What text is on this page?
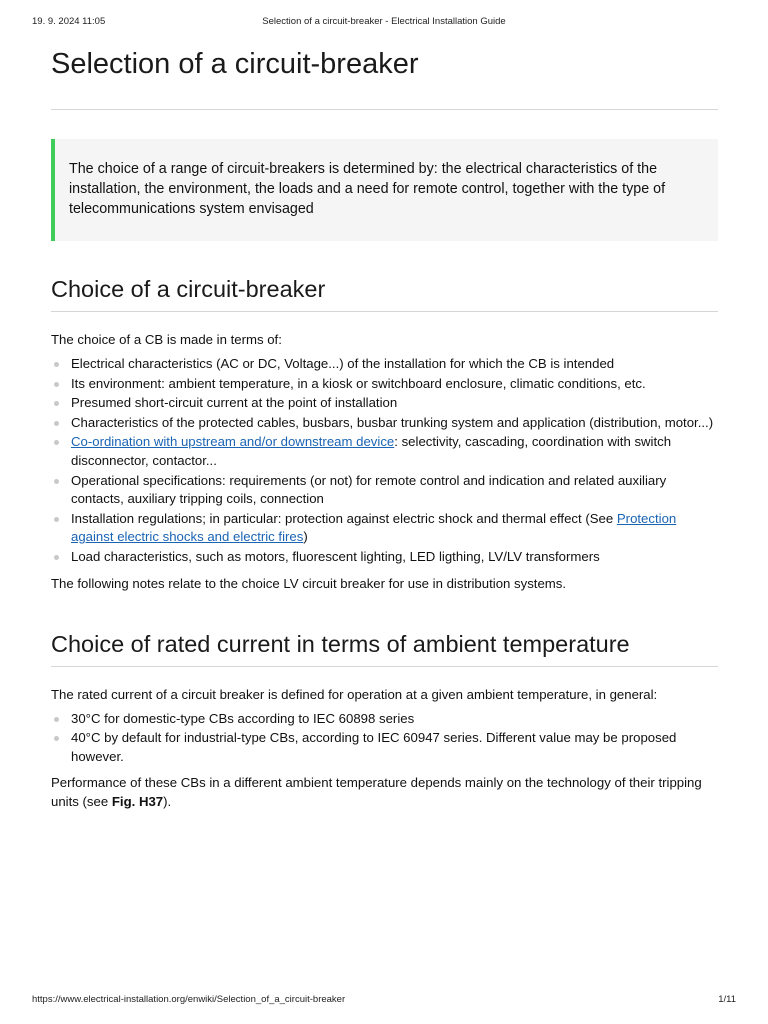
19. 9. 2024 11:05	Selection of a circuit-breaker - Electrical Installation Guide
Selection of a circuit-breaker
The choice of a range of circuit-breakers is determined by: the electrical characteristics of the installation, the environment, the loads and a need for remote control, together with the type of telecommunications system envisaged
Choice of a circuit-breaker

The choice of a CB is made in terms of:

Electrical characteristics (AC or DC, Voltage...) of the installation for which the CB is intended
Its environment: ambient temperature, in a kiosk or switchboard enclosure, climatic conditions, etc.
Presumed short-circuit current at the point of installation
Characteristics of the protected cables, busbars, busbar trunking system and application (distribution, motor...)
Co-ordination with upstream and/or downstream device: selectivity, cascading, coordination with switch disconnector, contactor...
Operational specifications: requirements (or not) for remote control and indication and related auxiliary contacts, auxiliary tripping coils, connection
Installation regulations; in particular: protection against electric shock and thermal effect (See Protection against electric shocks and electric fires)
Load characteristics, such as motors, fluorescent lighting, LED ligthing, LV/LV transformers

The following notes relate to the choice LV circuit breaker for use in distribution systems.

Choice of rated current in terms of ambient temperature

The rated current of a circuit breaker is defined for operation at a given ambient temperature, in general:

30°C for domestic-type CBs according to IEC 60898 series
40°C by default for industrial-type CBs, according to IEC 60947 series. Different value may be proposed however.

Performance of these CBs in a different ambient temperature depends mainly on the technology of their tripping units (see Fig. H37).

https://www.electrical-installation.org/enwiki/Selection_of_a_circuit-breaker	1/11
